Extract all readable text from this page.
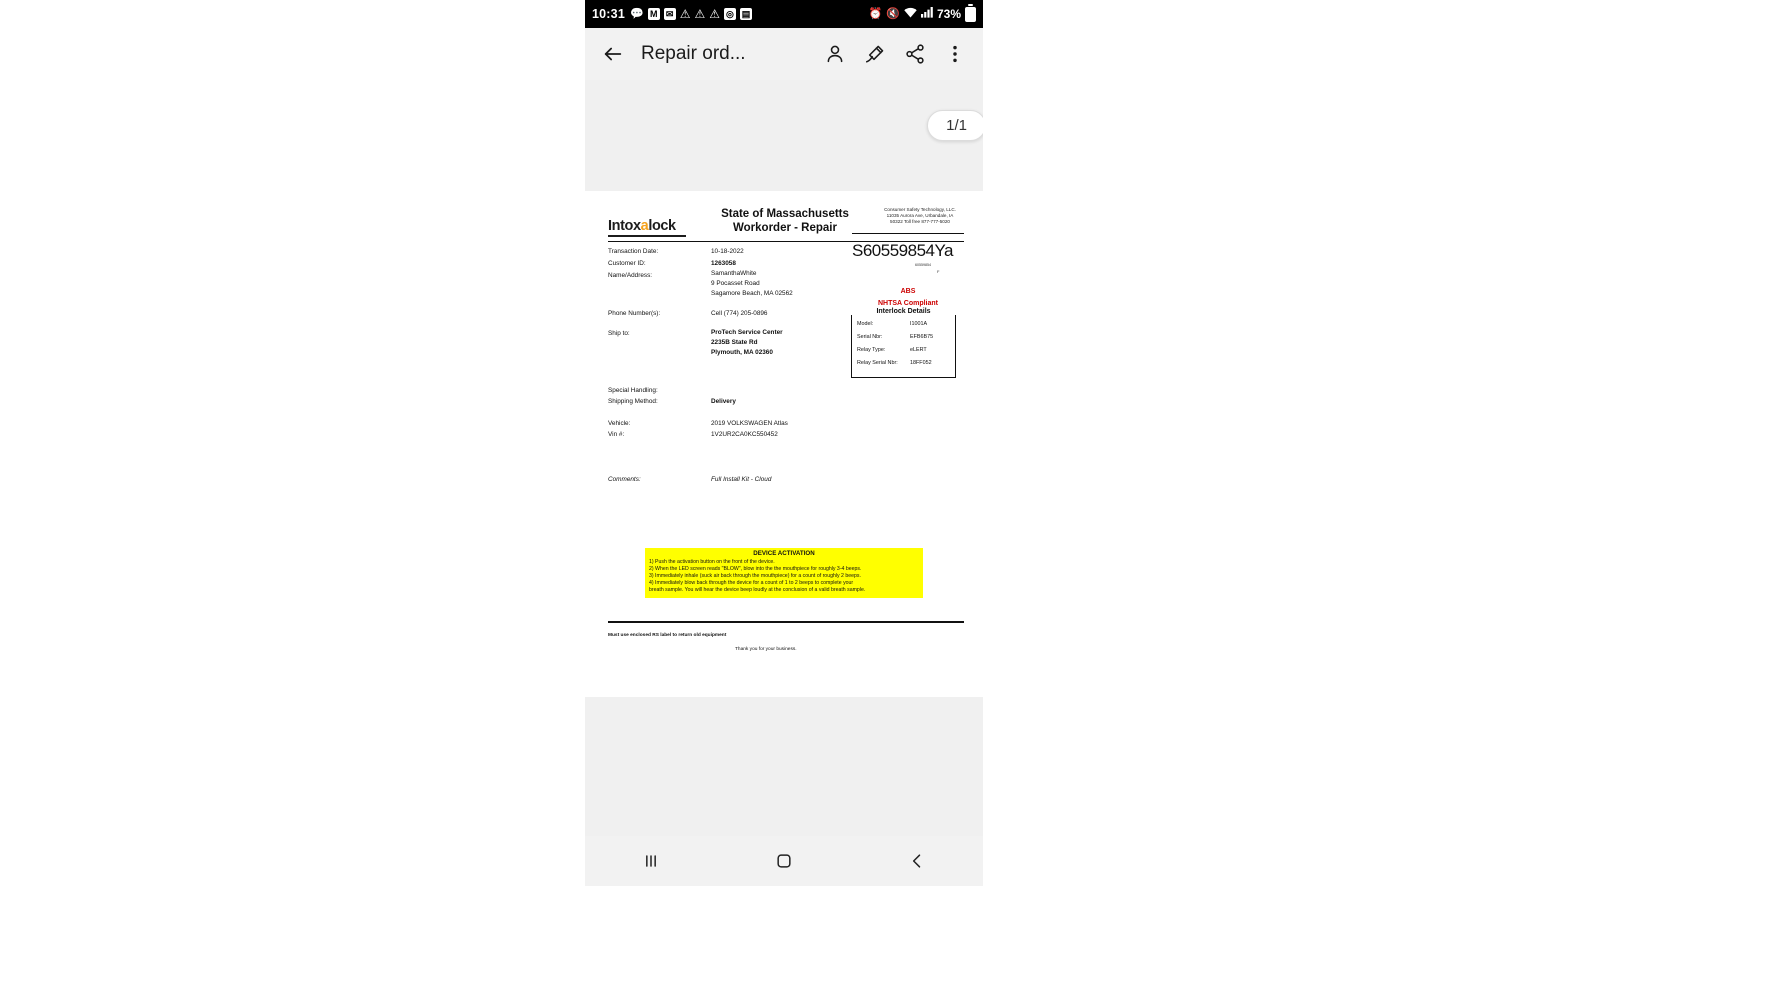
10:31 💬 M ✉ ⚠ ⚠ ⚠ ◎ ▤	⏰ 🔇	73%
Repair ord...
1/1
Intoxalock
State of Massachusetts
Workorder - Repair
Consumer Safety Technology, LLC.
11035 Aurora Ave, Urbandale, IA
50322 Toll free 877-777-5020
Transaction Date:	10-18-2022
Customer ID:	1263058
Name/Address:	SamanthaWhite
9 Pocasset Road
Sagamore Beach, MA 02562
Phone Number(s):	Cell (774) 205-0896
Ship to:	ProTech Service Center
2235B State Rd
Plymouth, MA 02360
Special Handling:
Shipping Method:	Delivery
Vehicle:	2019 VOLKSWAGEN Atlas
Vin #:	1V2UR2CA0KC550452
Comments:	Full Install Kit - Cloud
S60559854Ya
60559854
F
ABS
NHTSA Compliant
Interlock Details
Model:	I1001A
Serial Nbr:	EFB6B75
Relay Type:	eLERT
Relay Serial Nbr: 18FF052
DEVICE ACTIVATION
1) Push the activation button on the front of the device.
2) When the LED screen reads "BLOW", blow into the the mouthpiece for roughly 3-4 beeps.
3) Immediately inhale (suck air back through the mouthpiece) for a count of roughly 2 beeps.
4) Immediately blow back through the device for a count of 1 to 2 beeps to complete your
breath sample. You will hear the device beep loudly at the conclusion of a valid breath sample.
Must use enclosed RS label to return old equipment
Thank you for your business.
